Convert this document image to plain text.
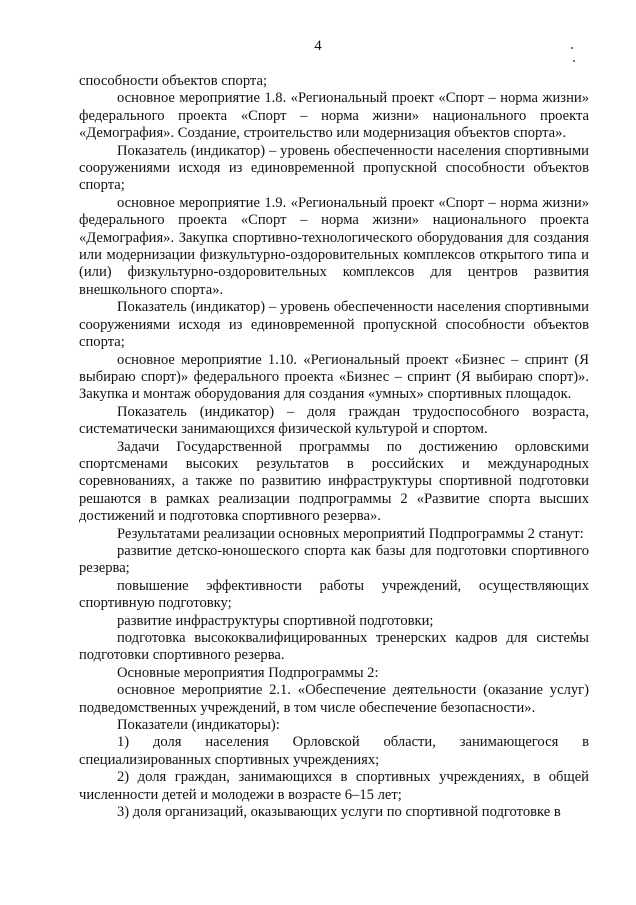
4

способности объектов спорта;

основное мероприятие 1.8. «Региональный проект «Спорт – норма жизни» федерального проекта «Спорт – норма жизни» национального проекта «Демография». Создание, строительство или модернизация объектов спорта».

Показатель (индикатор) – уровень обеспеченности населения спортивными сооружениями исходя из единовременной пропускной способности объектов спорта;

основное мероприятие 1.9. «Региональный проект «Спорт – норма жизни» федерального проекта «Спорт – норма жизни» национального проекта «Демография». Закупка спортивно-технологического оборудования для создания или модернизации физкультурно-оздоровительных комплексов открытого типа и (или) физкультурно-оздоровительных комплексов для центров развития внешкольного спорта».

Показатель (индикатор) – уровень обеспеченности населения спортивными сооружениями исходя из единовременной пропускной способности объектов спорта;

основное мероприятие 1.10. «Региональный проект «Бизнес – спринт (Я выбираю спорт)» федерального проекта «Бизнес – спринт (Я выбираю спорт)». Закупка и монтаж оборудования для создания «умных» спортивных площадок.

Показатель (индикатор) – доля граждан трудоспособного возраста, систематически занимающихся физической культурой и спортом.

Задачи Государственной программы по достижению орловскими спортсменами высоких результатов в российских и международных соревнованиях, а также по развитию инфраструктуры спортивной подготовки решаются в рамках реализации подпрограммы 2 «Развитие спорта высших достижений и подготовка спортивного резерва».

Результатами реализации основных мероприятий Подпрограммы 2 станут:

развитие детско-юношеского спорта как базы для подготовки спортивного резерва;

повышение эффективности работы учреждений, осуществляющих спортивную подготовку;

развитие инфраструктуры спортивной подготовки;

подготовка высококвалифицированных тренерских кадров для системы подготовки спортивного резерва.

Основные мероприятия Подпрограммы 2:

основное мероприятие 2.1. «Обеспечение деятельности (оказание услуг) подведомственных учреждений, в том числе обеспечение безопасности».

Показатели (индикаторы):

1) доля населения Орловской области, занимающегося в специализированных спортивных учреждениях;

2) доля граждан, занимающихся в спортивных учреждениях, в общей численности детей и молодежи в возрасте 6–15 лет;

3) доля организаций, оказывающих услуги по спортивной подготовке в
